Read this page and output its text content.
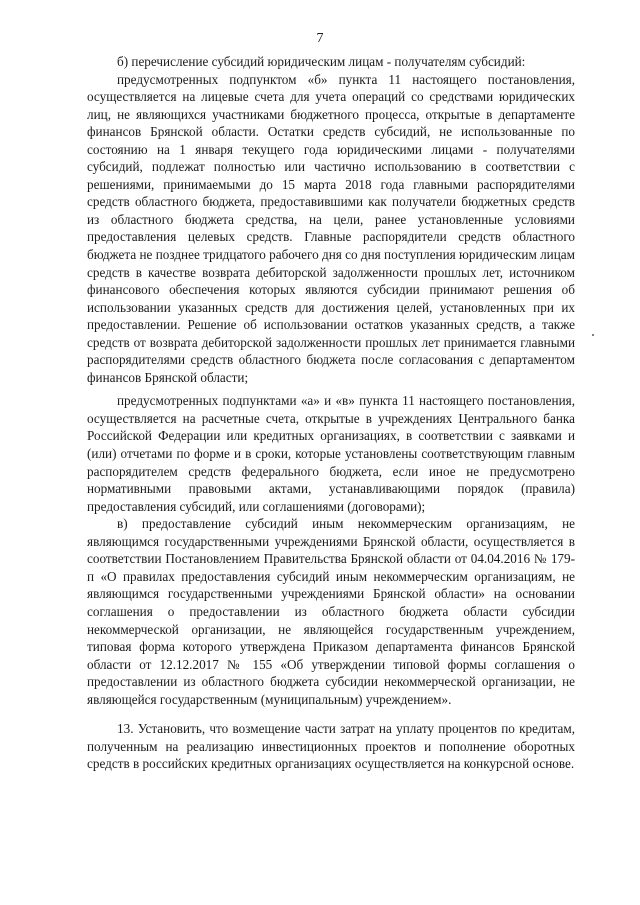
7

б) перечисление субсидий юридическим лицам - получателям субсидий:

предусмотренных подпунктом «б» пункта 11 настоящего постановления, осуществляется на лицевые счета для учета операций со средствами юридических лиц, не являющихся участниками бюджетного процесса, открытые в департаменте финансов Брянской области. Остатки средств субсидий, не использованные по состоянию на 1 января текущего года юридическими лицами - получателями субсидий, подлежат полностью или частично использованию в соответствии с решениями, принимаемыми до 15 марта 2018 года главными распорядителями средств областного бюджета, предоставившими как получатели бюджетных средств из областного бюджета средства, на цели, ранее установленные условиями предоставления целевых средств. Главные распорядители средств областного бюджета не позднее тридцатого рабочего дня со дня поступления юридическим лицам средств в качестве возврата дебиторской задолженности прошлых лет, источником финансового обеспечения которых являются субсидии принимают решения об использовании указанных средств для достижения целей, установленных при их предоставлении. Решение об использовании остатков указанных средств, а также средств от возврата дебиторской задолженности прошлых лет принимается главными распорядителями средств областного бюджета после согласования с департаментом финансов Брянской области;

предусмотренных подпунктами «а» и «в» пункта 11 настоящего постановления, осуществляется на расчетные счета, открытые в учреждениях Центрального банка Российской Федерации или кредитных организациях, в соответствии с заявками и (или) отчетами по форме и в сроки, которые установлены соответствующим главным распорядителем средств федерального бюджета, если иное не предусмотрено нормативными правовыми актами, устанавливающими порядок (правила) предоставления субсидий, или соглашениями (договорами);

в) предоставление субсидий иным некоммерческим организациям, не являющимся государственными учреждениями Брянской области, осуществляется в соответствии Постановлением Правительства Брянской области от 04.04.2016 № 179-п «О правилах предоставления субсидий иным некоммерческим организациям, не являющимся государственными учреждениями Брянской области» на основании соглашения о предоставлении из областного бюджета области субсидии некоммерческой организации, не являющейся государственным учреждением, типовая форма которого утверждена Приказом департамента финансов Брянской области от 12.12.2017 № 155 «Об утверждении типовой формы соглашения о предоставлении из областного бюджета субсидии некоммерческой организации, не являющейся государственным (муниципальным) учреждением».

13. Установить, что возмещение части затрат на уплату процентов по кредитам, полученным на реализацию инвестиционных проектов и пополнение оборотных средств в российских кредитных организациях осуществляется на конкурсной основе.
